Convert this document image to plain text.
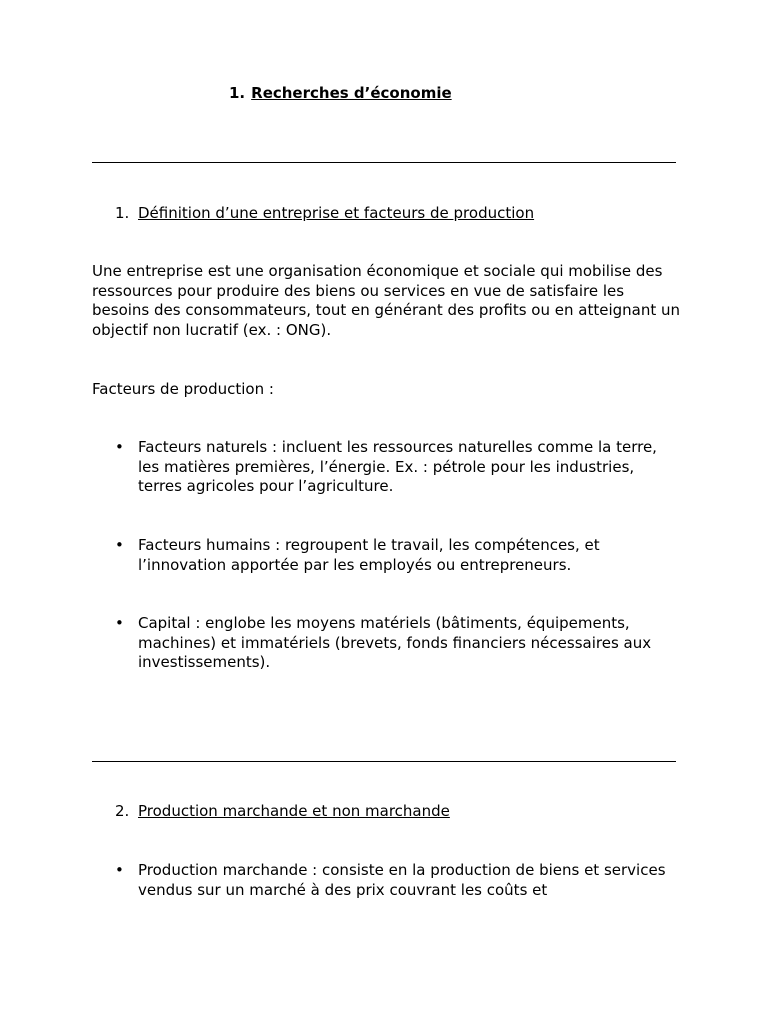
1. Recherches d’économie
1. Définition d’une entreprise et facteurs de production

Une entreprise est une organisation économique et sociale qui mobilise des ressources pour produire des biens ou services en vue de satisfaire les besoins des consommateurs, tout en générant des profits ou en atteignant un objectif non lucratif (ex. : ONG).

Facteurs de production :

• Facteurs naturels : incluent les ressources naturelles comme la terre, les matières premières, l’énergie. Ex. : pétrole pour les industries, terres agricoles pour l’agriculture.
• Facteurs humains : regroupent le travail, les compétences, et l’innovation apportée par les employés ou entrepreneurs.
• Capital : englobe les moyens matériels (bâtiments, équipements, machines) et immatériels (brevets, fonds financiers nécessaires aux investissements).
2. Production marchande et non marchande
• Production marchande : consiste en la production de biens et services vendus sur un marché à des prix couvrant les coûts et
